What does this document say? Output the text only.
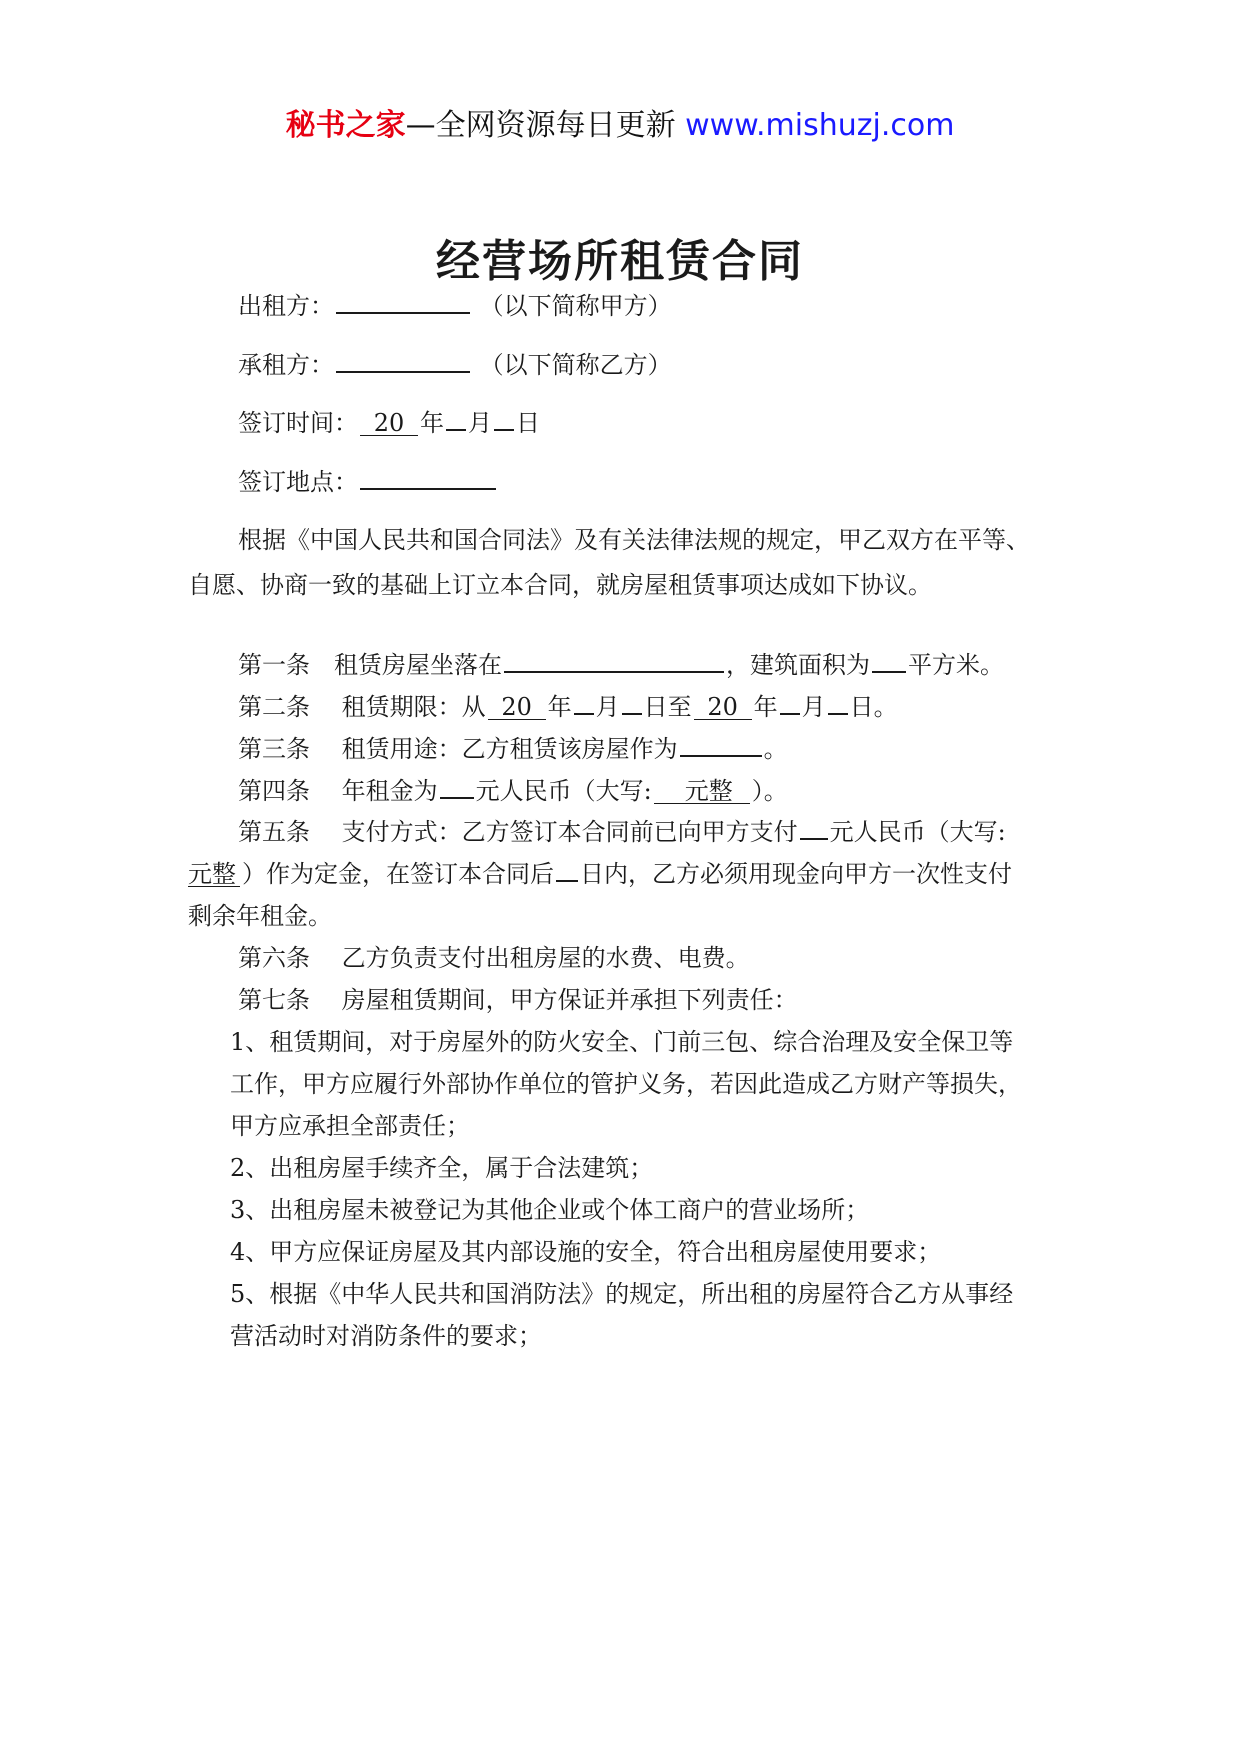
秘书之家—全网资源每日更新 www.mishuzj.com
经营场所租赁合同
出租方：	（以下简称甲方）
承租方：	（以下简称乙方）
签订时间： 20 年 月 日
签订地点：
根据《中国人民共和国合同法》及有关法律法规的规定，甲乙双方在平等、
自愿、协商一致的基础上订立本合同，就房屋租赁事项达成如下协议。
第一条　租赁房屋坐落在	，建筑面积为 平方米。
第二条　 租赁期限：从 20 年 月 日至 20 年 月 日。
第三条　 租赁用途：乙方租赁该房屋作为	。
第四条　 年租金为 元人民币（大写: 元整 ）。
第五条　 支付方式：乙方签订本合同前已向甲方支付 元人民币（大写:
元整 ）作为定金，在签订本合同后 日内，乙方必须用现金向甲方一次性支付
剩余年租金。
第六条　 乙方负责支付出租房屋的水费、电费。
第七条　 房屋租赁期间，甲方保证并承担下列责任：
1、租赁期间，对于房屋外的防火安全、门前三包、综合治理及安全保卫等
工作，甲方应履行外部协作单位的管护义务，若因此造成乙方财产等损失，
甲方应承担全部责任；
2、出租房屋手续齐全，属于合法建筑；
3、出租房屋未被登记为其他企业或个体工商户的营业场所；
4、甲方应保证房屋及其内部设施的安全，符合出租房屋使用要求；
5、根据《中华人民共和国消防法》的规定，所出租的房屋符合乙方从事经
营活动时对消防条件的要求；
